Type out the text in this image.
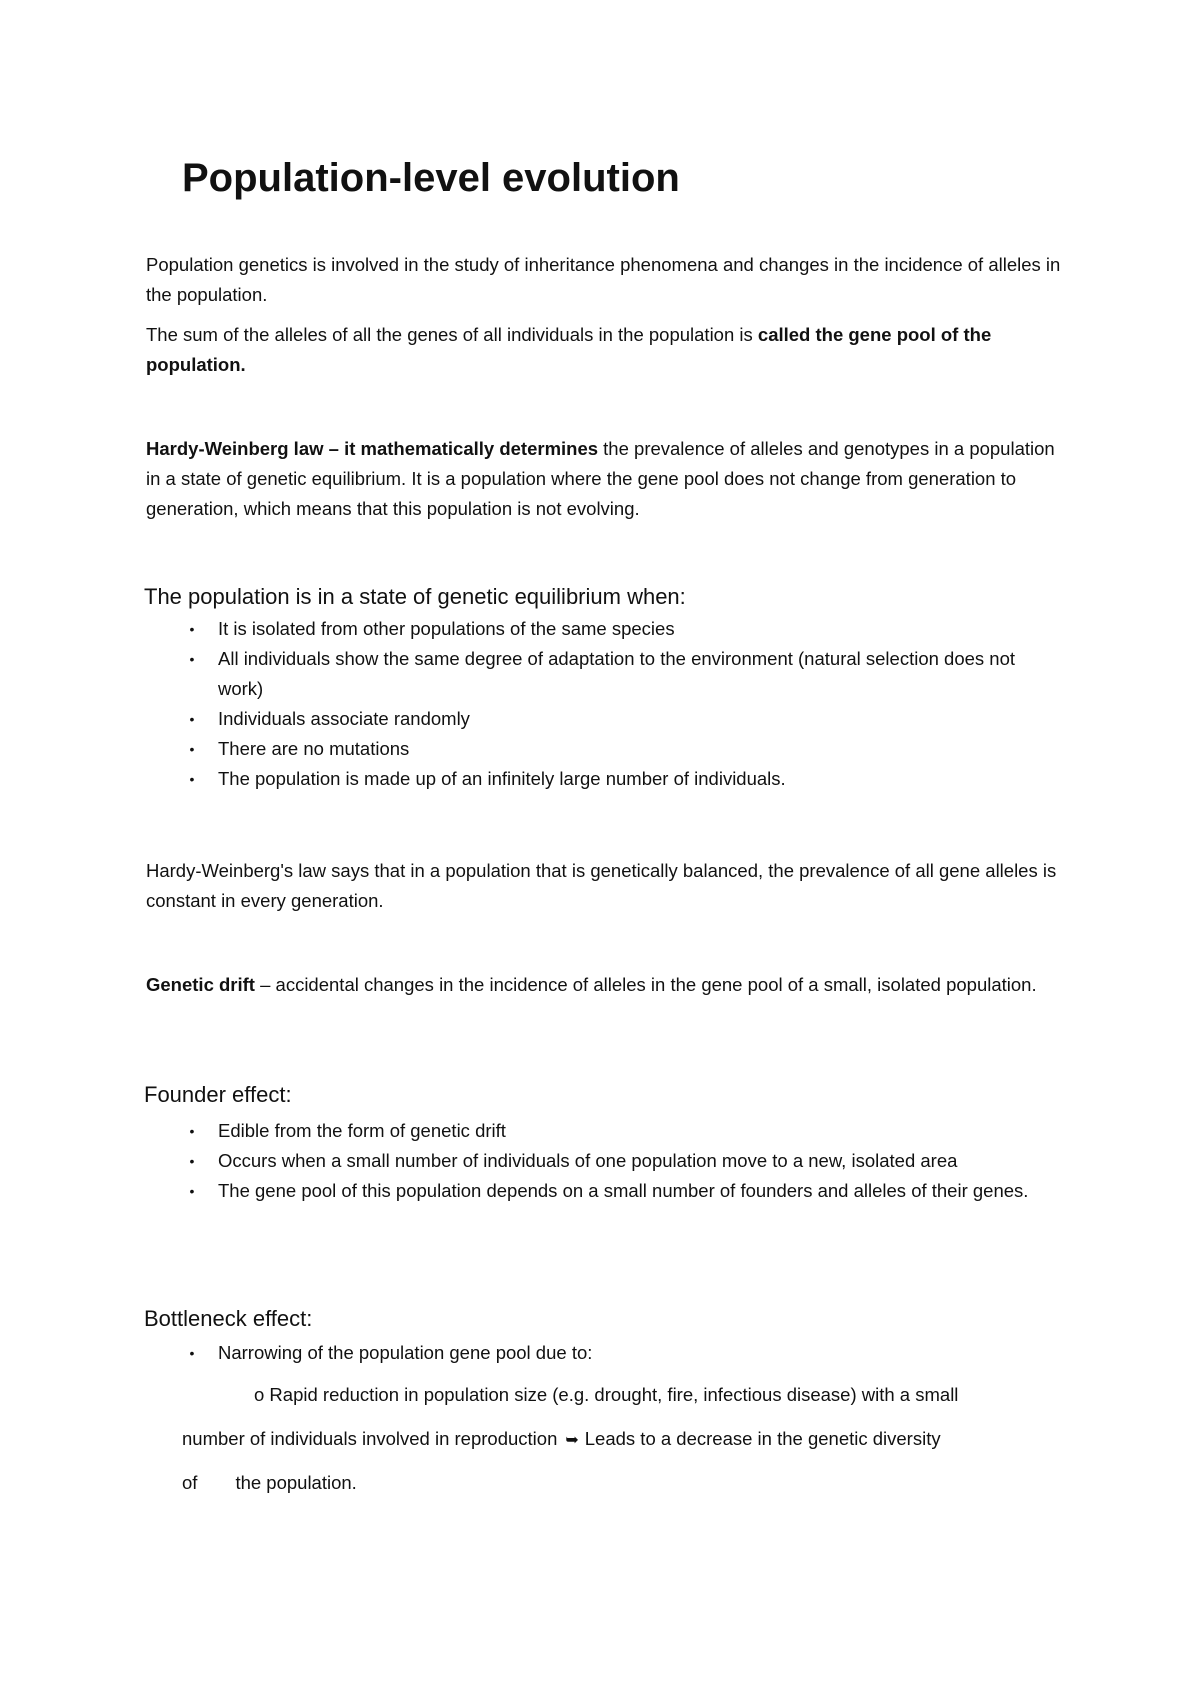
Population-level evolution

Population genetics is involved in the study of inheritance phenomena and changes in the incidence of alleles in the population.

The sum of the alleles of all the genes of all individuals in the population is called the gene pool of the population.

Hardy-Weinberg law – it mathematically determines the prevalence of alleles and genotypes in a population in a state of genetic equilibrium. It is a population where the gene pool does not change from generation to generation, which means that this population is not evolving.

The population is in a state of genetic equilibrium when:
•	It is isolated from other populations of the same species
•	All individuals show the same degree of adaptation to the environment (natural selection does not work)
•	Individuals associate randomly
•	There are no mutations
•	The population is made up of an infinitely large number of individuals.

Hardy-Weinberg's law says that in a population that is genetically balanced, the prevalence of all gene alleles is constant in every generation.

Genetic drift – accidental changes in the incidence of alleles in the gene pool of a small, isolated population.

Founder effect:
•	Edible from the form of genetic drift
•	Occurs when a small number of individuals of one population move to a new, isolated area
•	The gene pool of this population depends on a small number of founders and alleles of their genes.
Bottleneck effect:
•	Narrowing of the population gene pool due to:

o Rapid reduction in population size (e.g. drought, fire, infectious disease) with a small

number of individuals involved in reproduction ➥ Leads to a decrease in the genetic diversity

of the population.
